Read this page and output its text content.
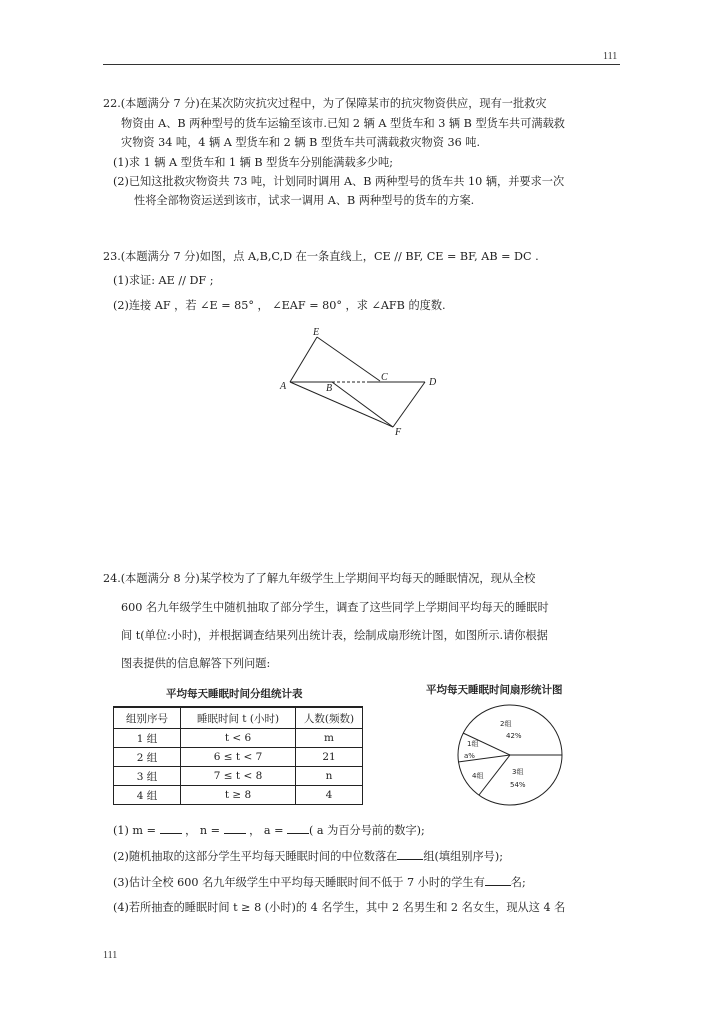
111
22.(本题满分 7 分)在某次防灾抗灾过程中，为了保障某市的抗灾物资供应，现有一批救灾
物资由 A、B 两种型号的货车运输至该市.已知 2 辆 A 型货车和 3 辆 B 型货车共可满载救
灾物资 34 吨，4 辆 A 型货车和 2 辆 B 型货车共可满载救灾物资 36 吨.
(1)求 1 辆 A 型货车和 1 辆 B 型货车分别能满载多少吨;
(2)已知这批救灾物资共 73 吨，计划同时调用 A、B 两种型号的货车共 10 辆，并要求一次
性将全部物资运送到该市，试求一调用 A、B 两种型号的货车的方案.
23.(本题满分 7 分)如图，点 A,B,C,D 在一条直线上，CE // BF, CE = BF, AB = DC .
(1)求证: AE // DF ;
(2)连接 AF ，若 ∠E = 85° ， ∠EAF = 80° ，求 ∠AFB 的度数.
E
A	B
C	D
F
24.(本题满分 8 分)某学校为了了解九年级学生上学期间平均每天的睡眠情况，现从全校
600 名九年级学生中随机抽取了部分学生，调查了这些同学上学期间平均每天的睡眠时
间 t(单位:小时)，并根据调查结果列出统计表，绘制成扇形统计图，如图所示.请你根据
图表提供的信息解答下列问题:
平均每天睡眠时间分组统计表
组别序号	睡眠时间 t (小时)	人数(频数)
1 组	t < 6	m
2 组	6 ≤ t < 7	21
3 组	7 ≤ t < 8	n
4 组	t ≥ 8	4
平均每天睡眠时间扇形统计图
2组
42%
1组
a%
4组	3组
54%
(1) m =	， n =	， a = ( a 为百分号前的数字);
(2)随机抽取的这部分学生平均每天睡眠时间的中位数落在 组(填组别序号);
(3)估计全校 600 名九年级学生中平均每天睡眠时间不低于 7 小时的学生有 名;
(4)若所抽查的睡眠时间 t ≥ 8 (小时)的 4 名学生，其中 2 名男生和 2 名女生，现从这 4 名
111
